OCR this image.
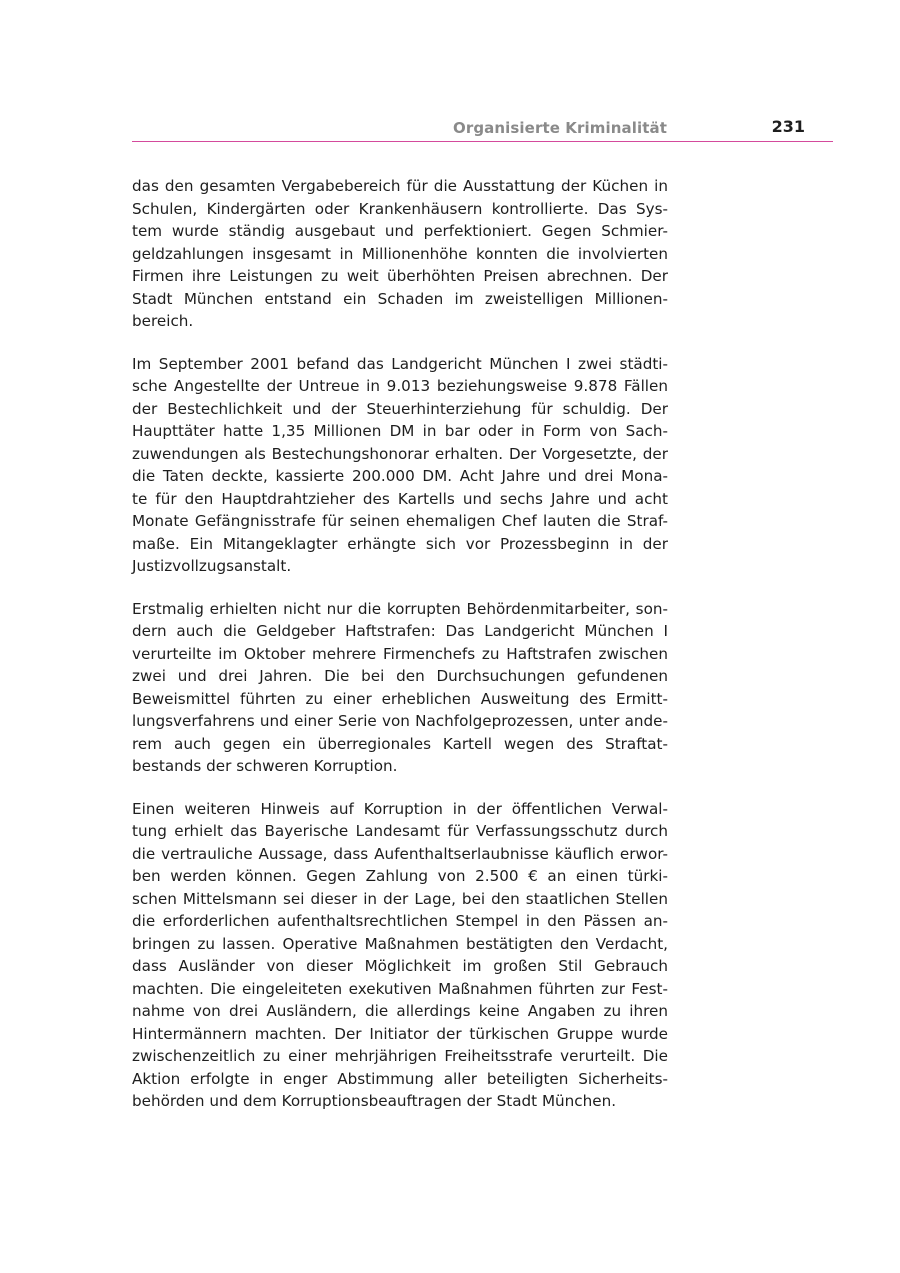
Organisierte Kriminalität	231

das den gesamten Vergabebereich für die Ausstattung der Küchen in
Schulen, Kindergärten oder Krankenhäusern kontrollierte. Das Sys-
tem wurde ständig ausgebaut und perfektioniert. Gegen Schmier-
geldzahlungen insgesamt in Millionenhöhe konnten die involvierten
Firmen ihre Leistungen zu weit überhöhten Preisen abrechnen. Der
Stadt München entstand ein Schaden im zweistelligen Millionen-
bereich.

Im September 2001 befand das Landgericht München I zwei städti-
sche Angestellte der Untreue in 9.013 beziehungsweise 9.878 Fällen
der Bestechlichkeit und der Steuerhinterziehung für schuldig. Der
Haupttäter hatte 1,35 Millionen DM in bar oder in Form von Sach-
zuwendungen als Bestechungshonorar erhalten. Der Vorgesetzte, der
die Taten deckte, kassierte 200.000 DM. Acht Jahre und drei Mona-
te für den Hauptdrahtzieher des Kartells und sechs Jahre und acht
Monate Gefängnisstrafe für seinen ehemaligen Chef lauten die Straf-
maße. Ein Mitangeklagter erhängte sich vor Prozessbeginn in der
Justizvollzugsanstalt.

Erstmalig erhielten nicht nur die korrupten Behördenmitarbeiter, son-
dern auch die Geldgeber Haftstrafen: Das Landgericht München I
verurteilte im Oktober mehrere Firmenchefs zu Haftstrafen zwischen
zwei und drei Jahren. Die bei den Durchsuchungen gefundenen
Beweismittel führten zu einer erheblichen Ausweitung des Ermitt-
lungsverfahrens und einer Serie von Nachfolgeprozessen, unter ande-
rem auch gegen ein überregionales Kartell wegen des Straftat-
bestands der schweren Korruption.

Einen weiteren Hinweis auf Korruption in der öffentlichen Verwal-
tung erhielt das Bayerische Landesamt für Verfassungsschutz durch
die vertrauliche Aussage, dass Aufenthaltserlaubnisse käuflich erwor-
ben werden können. Gegen Zahlung von 2.500 € an einen türki-
schen Mittelsmann sei dieser in der Lage, bei den staatlichen Stellen
die erforderlichen aufenthaltsrechtlichen Stempel in den Pässen an-
bringen zu lassen. Operative Maßnahmen bestätigten den Verdacht,
dass Ausländer von dieser Möglichkeit im großen Stil Gebrauch
machten. Die eingeleiteten exekutiven Maßnahmen führten zur Fest-
nahme von drei Ausländern, die allerdings keine Angaben zu ihren
Hintermännern machten. Der Initiator der türkischen Gruppe wurde
zwischenzeitlich zu einer mehrjährigen Freiheitsstrafe verurteilt. Die
Aktion erfolgte in enger Abstimmung aller beteiligten Sicherheits-
behörden und dem Korruptionsbeauftragen der Stadt München.
